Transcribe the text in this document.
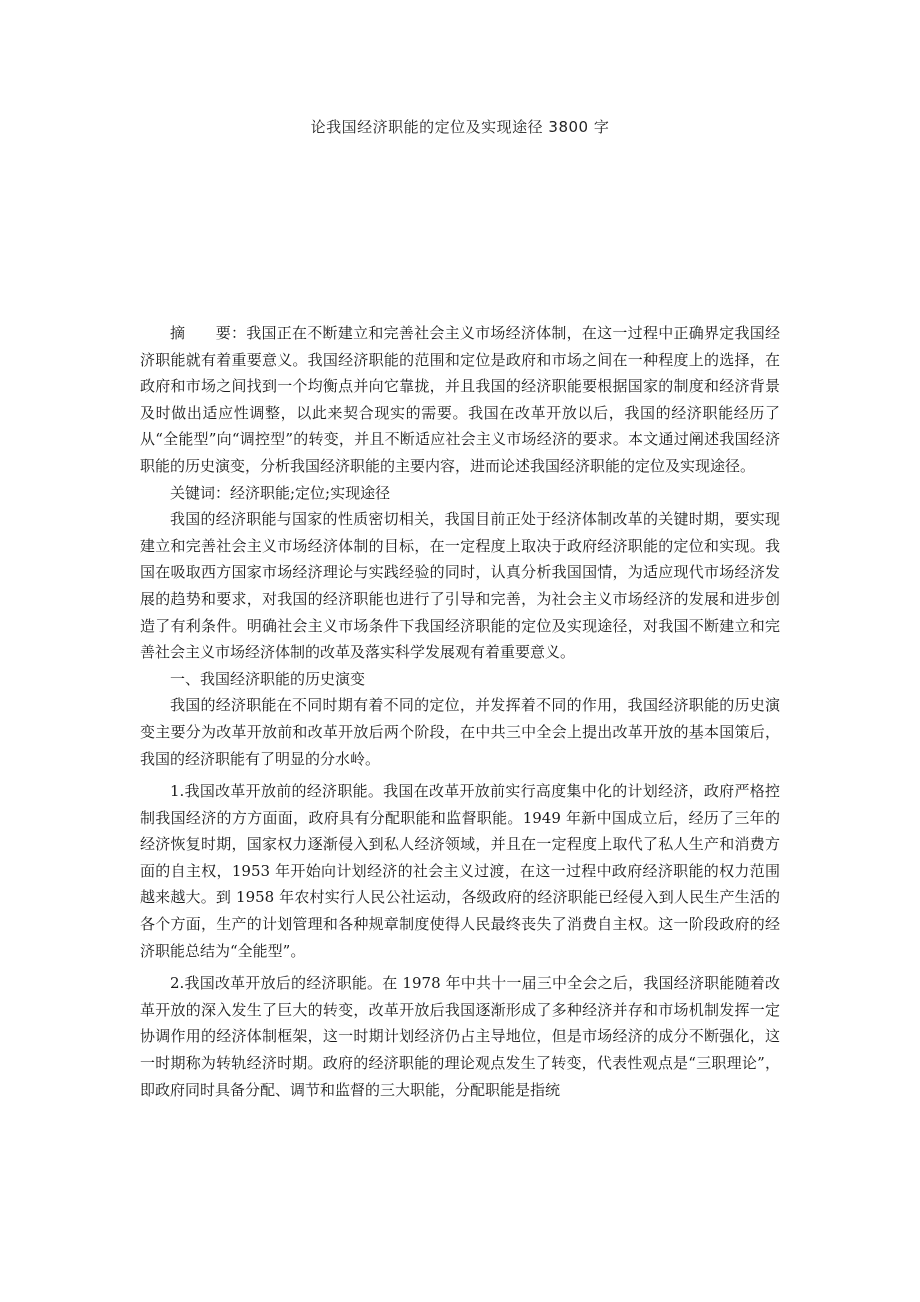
论我国经济职能的定位及实现途径 3800 字

摘　　要：我国正在不断建立和完善社会主义市场经济体制，在这一过程中正确界定我国经济职能就有着重要意义。我国经济职能的范围和定位是政府和市场之间在一种程度上的选择，在政府和市场之间找到一个均衡点并向它靠拢，并且我国的经济职能要根据国家的制度和经济背景及时做出适应性调整，以此来契合现实的需要。我国在改革开放以后，我国的经济职能经历了从“全能型”向“调控型”的转变，并且不断适应社会主义市场经济的要求。本文通过阐述我国经济职能的历史演变，分析我国经济职能的主要内容，进而论述我国经济职能的定位及实现途径。

关键词：经济职能;定位;实现途径

我国的经济职能与国家的性质密切相关，我国目前正处于经济体制改革的关键时期，要实现建立和完善社会主义市场经济体制的目标，在一定程度上取决于政府经济职能的定位和实现。我国在吸取西方国家市场经济理论与实践经验的同时，认真分析我国国情，为适应现代市场经济发展的趋势和要求，对我国的经济职能也进行了引导和完善，为社会主义市场经济的发展和进步创造了有利条件。明确社会主义市场条件下我国经济职能的定位及实现途径，对我国不断建立和完善社会主义市场经济体制的改革及落实科学发展观有着重要意义。

一、我国经济职能的历史演变

我国的经济职能在不同时期有着不同的定位，并发挥着不同的作用，我国经济职能的历史演变主要分为改革开放前和改革开放后两个阶段，在中共三中全会上提出改革开放的基本国策后，我国的经济职能有了明显的分水岭。

1.我国改革开放前的经济职能。我国在改革开放前实行高度集中化的计划经济，政府严格控制我国经济的方方面面，政府具有分配职能和监督职能。1949 年新中国成立后，经历了三年的经济恢复时期，国家权力逐渐侵入到私人经济领域，并且在一定程度上取代了私人生产和消费方面的自主权，1953 年开始向计划经济的社会主义过渡，在这一过程中政府经济职能的权力范围越来越大。到 1958 年农村实行人民公社运动，各级政府的经济职能已经侵入到人民生产生活的各个方面，生产的计划管理和各种规章制度使得人民最终丧失了消费自主权。这一阶段政府的经济职能总结为“全能型”。

2.我国改革开放后的经济职能。在 1978 年中共十一届三中全会之后，我国经济职能随着改革开放的深入发生了巨大的转变，改革开放后我国逐渐形成了多种经济并存和市场机制发挥一定协调作用的经济体制框架，这一时期计划经济仍占主导地位，但是市场经济的成分不断强化，这一时期称为转轨经济时期。政府的经济职能的理论观点发生了转变，代表性观点是“三职理论”，即政府同时具备分配、调节和监督的三大职能，分配职能是指统
